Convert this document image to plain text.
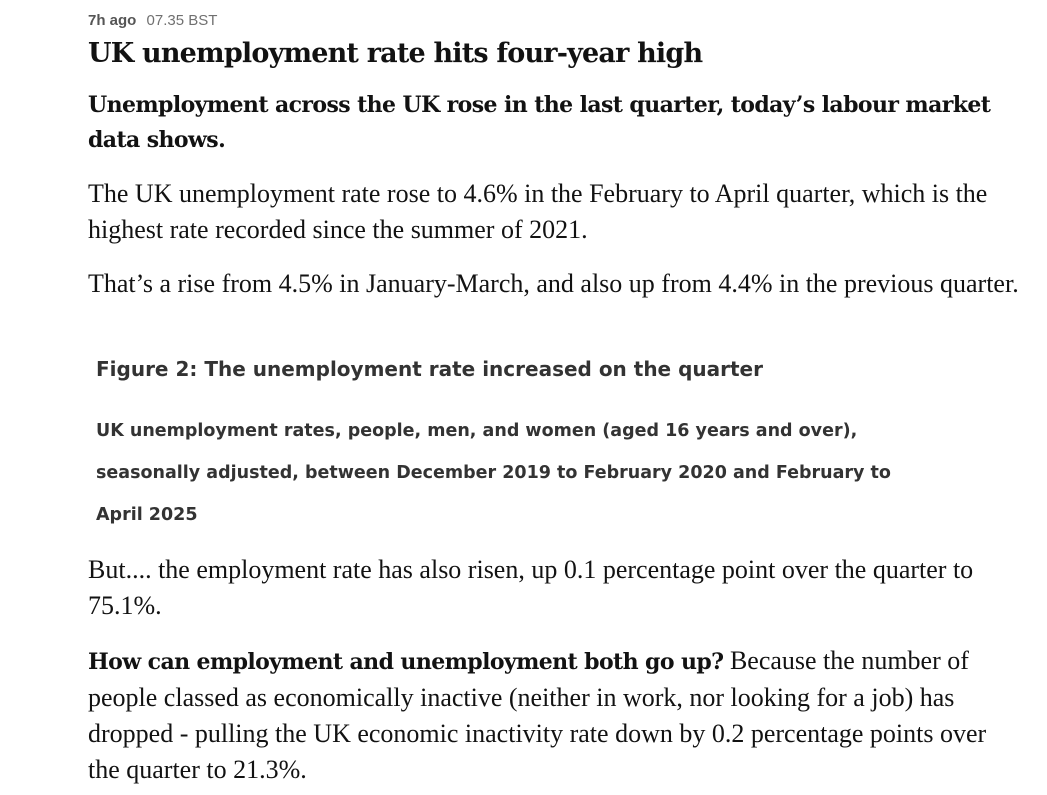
7h ago 07.35 BST
UK unemployment rate hits four-year high

Unemployment across the UK rose in the last quarter, today’s labour market data shows.

The UK unemployment rate rose to 4.6% in the February to April quarter, which is the highest rate recorded since the summer of 2021.

That’s a rise from 4.5% in January-March, and also up from 4.4% in the previous quarter.

Figure 2: The unemployment rate increased on the quarter

UK unemployment rates, people, men, and women (aged 16 years and over), seasonally adjusted, between December 2019 to February 2020 and February to April 2025

But.... the employment rate has also risen, up 0.1 percentage point over the quarter to 75.1%.

How can employment and unemployment both go up? Because the number of people classed as economically inactive (neither in work, nor looking for a job) has dropped - pulling the UK economic inactivity rate down by 0.2 percentage points over the quarter to 21.3%.
